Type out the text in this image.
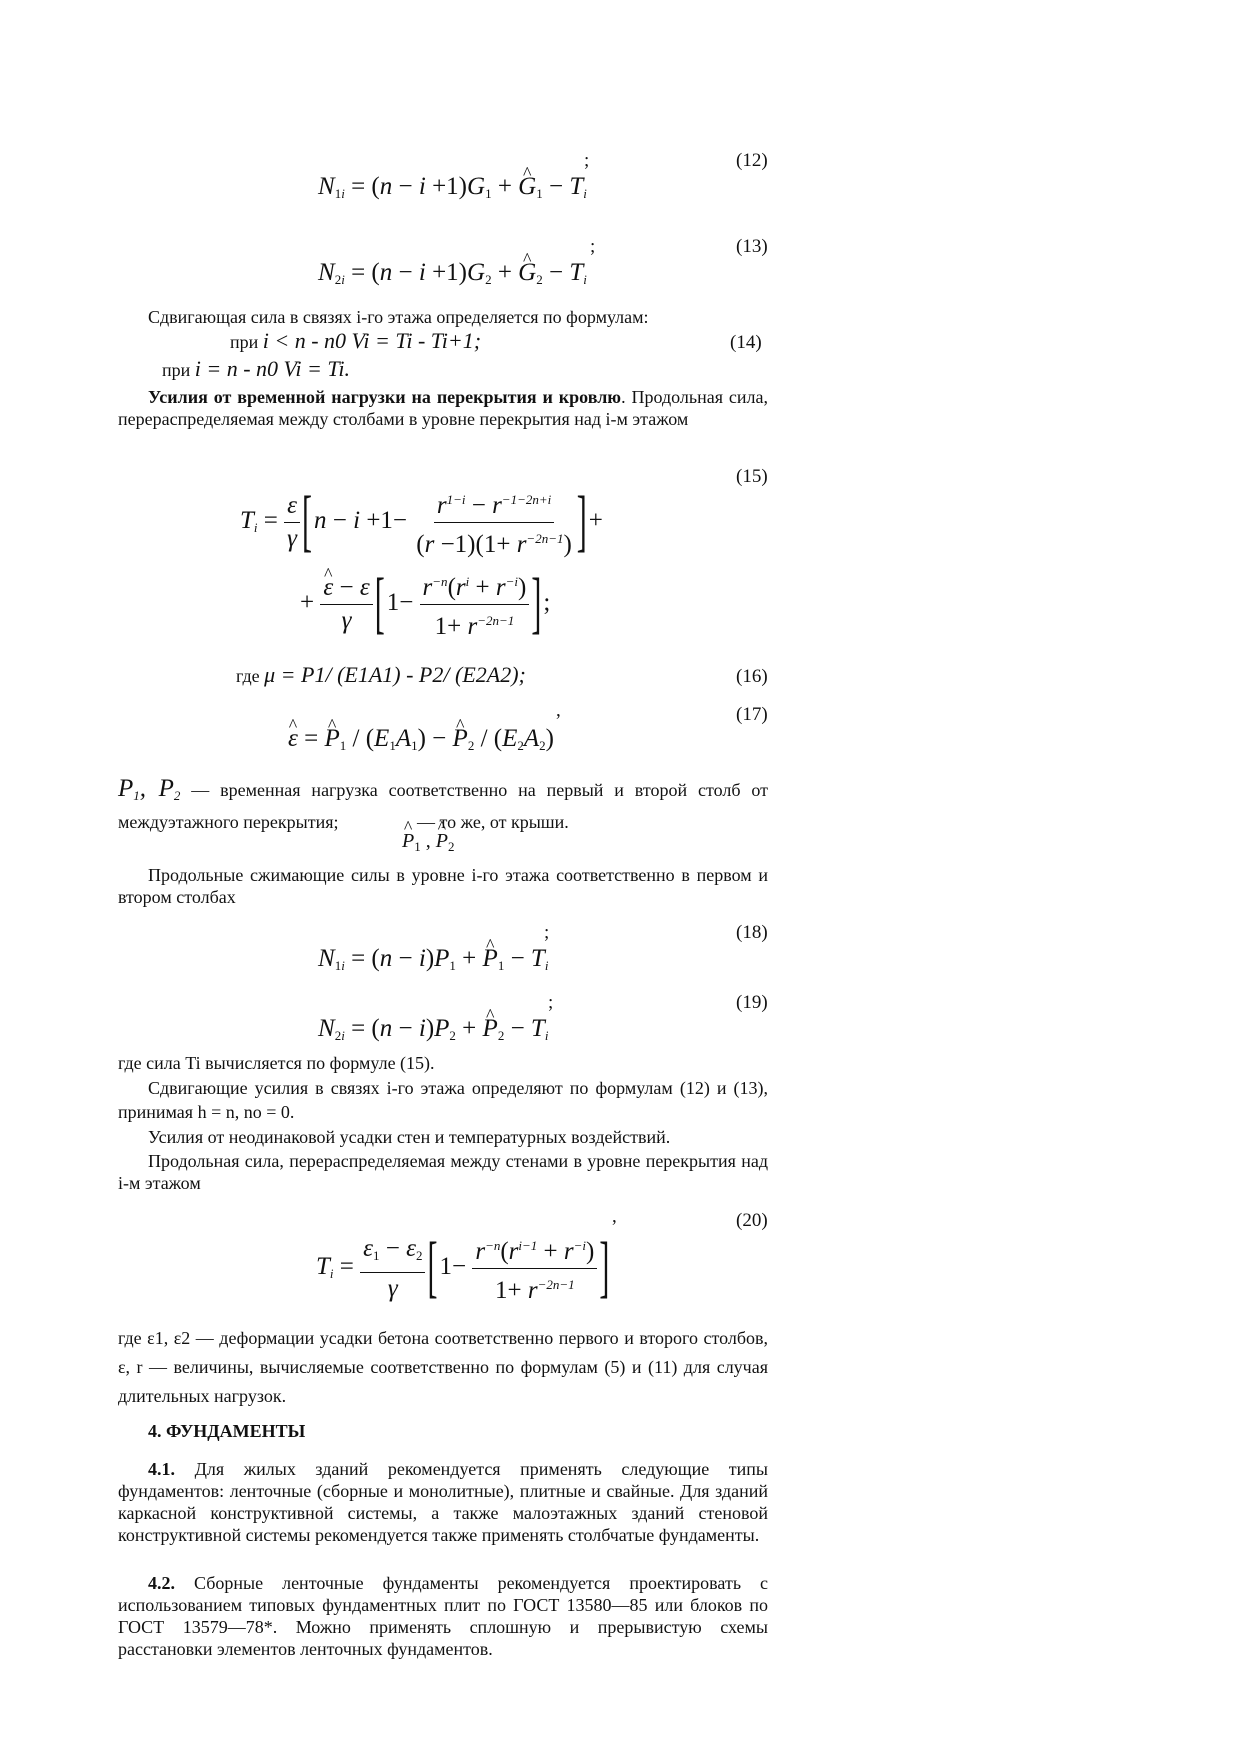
$N_{1i} = (n - i +1)G_1$ + ^ $G_1 - T_i$
;	(12)
$N_{2i} = (n - i +1)G_2$ + ^ $G_2 - T_i$
;	(13)
Сдвигающая сила в связях i-го этажа определяется по формулам:
при i < n - n0 Vi = Ti - Ti+1;	(14)
при i = n - n0 Vi = Ti.
Усилия от временной нагрузки на перекрытия и кровлю. Продольная сила, перераспределяемая между столбами в уровне перекрытия над i-м этажом
(15)
$T_i = \frac{\varepsilon}{\gamma} [n - i +1- \frac{r^{1-i} - r^{-1-2n+i}}{(r -1)(1+ r^{-2n-1})}$ ]+
+ ^ $\frac{\varepsilon - \varepsilon}{\gamma} [1- \frac{r^{-n}(r^i + r^{-i})}{1+ r^{-2n-1}}$ ];
где μ = P1/ (E1A1) - P2/ (E2A2);	(16)
,	(17)
^ ε = ^ $P_1 / (E_1A_1)$ − ^ $P_2 / (E_2A_2)$
$P_1$, $P_2$ — временная нагрузка соответственно на первый и второй столб от междуэтажного перекрытия;	— то же, от крыши.
^ $P_1$ , ^ $P_2$
Продольные сжимающие силы в уровне i-го этажа соответственно в первом и втором столбах
;	(18)
$N_{1i} = (n - i)P_1$ + ^ $P_1 - T_i$
;	(19)
$N_{2i} = (n - i)P_2$ + ^ $P_2 - T_i$
где сила Ti вычисляется по формуле (15).
Сдвигающие усилия в связях i-го этажа определяют по формулам (12) и (13), принимая h = n, no = 0.
Усилия от неодинаковой усадки стен и температурных воздействий.
Продольная сила, перераспределяемая между стенами в уровне перекрытия над i-м этажом
,	(20)
$T_i = \frac{\varepsilon_1 - \varepsilon_2}{\gamma} [1- \frac{r^{-n}(r^{i-1} + r^{-i})}{1+ r^{-2n-1}}$ ]
где ε1, ε2 — деформации усадки бетона соответственно первого и второго столбов, ε, r — величины, вычисляемые соответственно по формулам (5) и (11) для случая длительных нагрузок.
4. ФУНДАМЕНТЫ
4.1. Для жилых зданий рекомендуется применять следующие типы фундаментов: ленточные (сборные и монолитные), плитные и свайные. Для зданий каркасной конструктивной системы, а также малоэтажных зданий стеновой конструктивной системы рекомендуется также применять столбчатые фундаменты.
4.2. Сборные ленточные фундаменты рекомендуется проектировать с использованием типовых фундаментных плит по ГОСТ 13580—85 или блоков по ГОСТ 13579—78*. Можно применять сплошную и прерывистую схемы расстановки элементов ленточных фундаментов.
